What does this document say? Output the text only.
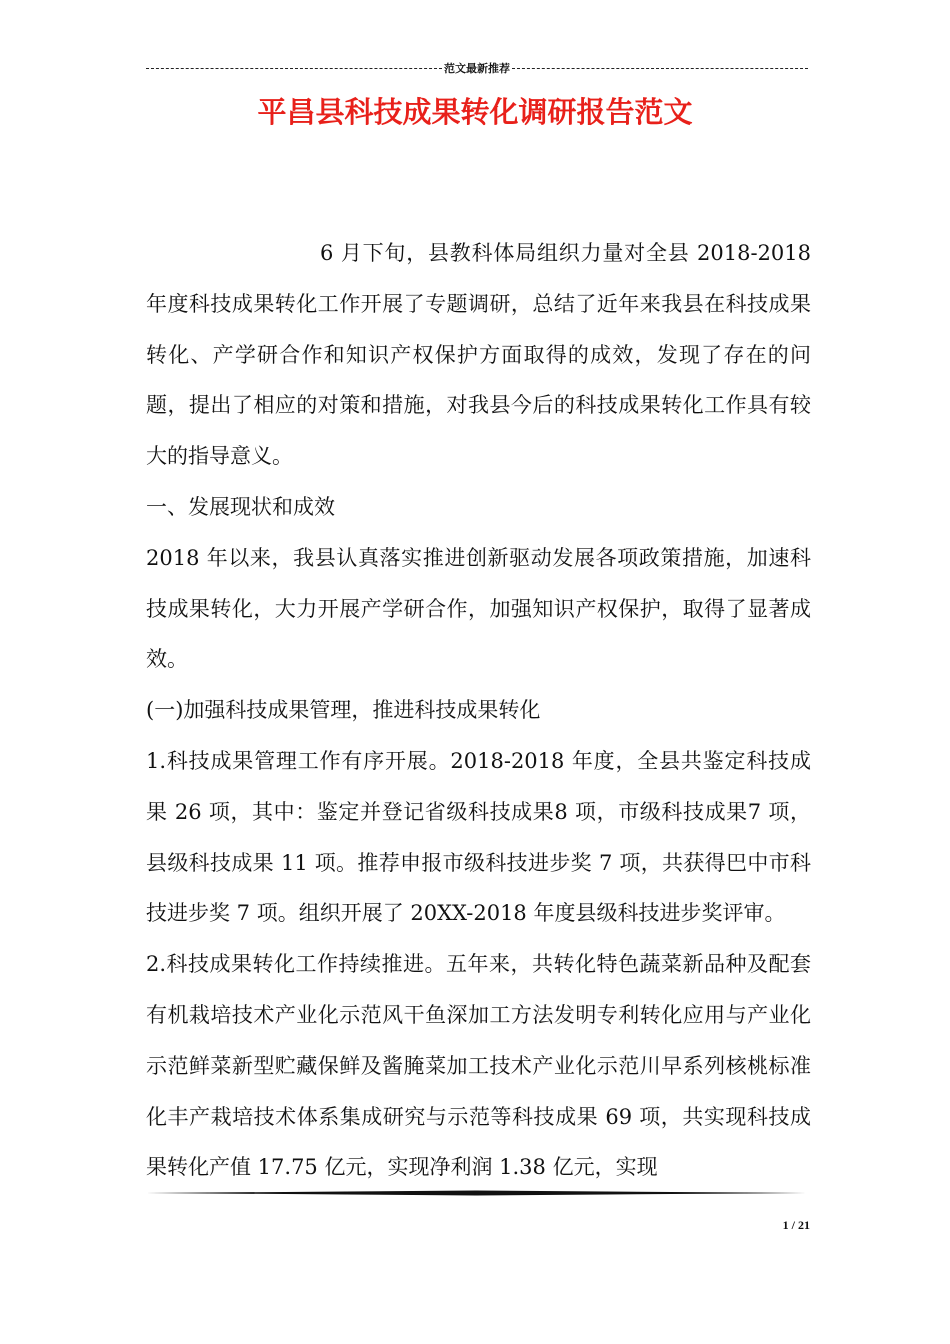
范文最新推荐
平昌县科技成果转化调研报告范文

6 月下旬，县教科体局组织力量对全县 2018-2018 年度科技成果转化工作开展了专题调研，总结了近年来我县在科技成果转化、产学研合作和知识产权保护方面取得的成效，发现了存在的问题，提出了相应的对策和措施，对我县今后的科技成果转化工作具有较大的指导意义。

一、发展现状和成效

2018 年以来，我县认真落实推进创新驱动发展各项政策措施，加速科技成果转化，大力开展产学研合作，加强知识产权保护，取得了显著成效。

(一)加强科技成果管理，推进科技成果转化

1.科技成果管理工作有序开展。2018-2018 年度，全县共鉴定科技成果 26 项，其中：鉴定并登记省级科技成果8 项，市级科技成果7 项，县级科技成果 11 项。推荐申报市级科技进步奖 7 项，共获得巴中市科技进步奖 7 项。组织开展了 20XX-2018 年度县级科技进步奖评审。

2.科技成果转化工作持续推进。五年来，共转化特色蔬菜新品种及配套有机栽培技术产业化示范风干鱼深加工方法发明专利转化应用与产业化示范鲜菜新型贮藏保鲜及酱腌菜加工技术产业化示范川早系列核桃标准化丰产栽培技术体系集成研究与示范等科技成果 69 项，共实现科技成果转化产值 17.75 亿元，实现净利润 1.38 亿元，实现

1 / 21
